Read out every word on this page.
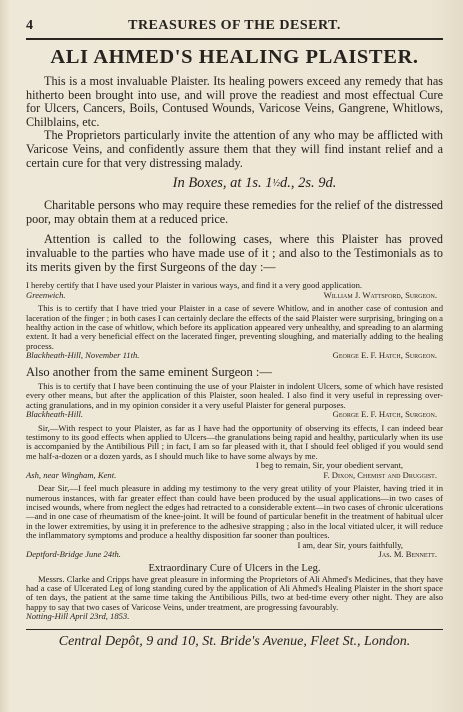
4	TREASURES OF THE DESERT.
ALI AHMED'S HEALING PLAISTER.

This is a most invaluable Plaister. Its healing powers exceed any remedy that has hitherto been brought into use, and will prove the readiest and most effectual Cure for Ulcers, Cancers, Boils, Contused Wounds, Varicose Veins, Gangrene, Whitlows, Chilblains, etc.

The Proprietors particularly invite the attention of any who may be afflicted with Varicose Veins, and confidently assure them that they will find instant relief and a certain cure for that very distressing malady.

In Boxes, at 1s. 1½d., 2s. 9d.

Charitable persons who may require these remedies for the relief of the distressed poor, may obtain them at a reduced price.

Attention is called to the following cases, where this Plaister has proved invaluable to the parties who have made use of it ; and also to the Testimonials as to its merits given by the first Surgeons of the day :—

I hereby certify that I have used your Plaister in various ways, and find it a very good application.

Greenwich.	William J. Wattsford, Surgeon.

This is to certify that I have tried your Plaister in a case of severe Whitlow, and in another case of contusion and laceration of the finger ; in both cases I can certainly declare the effects of the said Plaister were surprising, bringing on a healthy action in the case of whitlow, which before its application appeared very unhealthy, and spreading to an alarming extent. It had a very beneficial effect on the lacerated finger, preventing sloughing, and materially adding to the healing process.

Blackheath-Hill, November 11th.	George E. F. Hatch, Surgeon.
Also another from the same eminent Surgeon :—

This is to certify that I have been continuing the use of your Plaister in indolent Ulcers, some of which have resisted every other means, but after the application of this Plaister, soon healed. I also find it very useful in repressing over-acting granulations, and in my opinion consider it a very useful Plaister for general purposes.

Blackheath-Hill.	George E. F. Hatch, Surgeon.

Sir,—With respect to your Plaister, as far as I have had the opportunity of observing its effects, I can indeed bear testimony to its good effects when applied to Ulcers—the granulations being rapid and healthy, particularly when its use is accompanied by the Antibilious Pill ; in fact, I am so far pleased with it, that I should feel obliged if you would send me half-a-dozen or a dozen yards, as I should much like to have some always by me.

I beg to remain, Sir, your obedient servant,
Ash, near Wingham, Kent.	F. Dixon, Chemist and Druggist.

Dear Sir,—I feel much pleasure in adding my testimony to the very great utility of your Plaister, having tried it in numerous instances, with far greater effect than could have been produced by the usual applications—in two cases of incised wounds, where from neglect the edges had retracted to a considerable extent—in two cases of chronic ulcerations—and in one case of rheumatism of the knee-joint. It will be found of particular benefit in the treatment of habitual ulcer in the lower extremities, by using it in preference to the adhesive strapping ; also in the local vitiated ulcer, it will reduce the inflammatory symptoms and produce a healthy disposition far sooner than poultices.

I am, dear Sir, yours faithfully,
Deptford-Bridge June 24th.	Jas. M. Bennett.
Extraordinary Cure of Ulcers in the Leg.

Messrs. Clarke and Cripps have great pleasure in informing the Proprietors of Ali Ahmed's Medicines, that they have had a case of Ulcerated Leg of long standing cured by the application of Ali Ahmed's Healing Plaister in the short space of ten days, the patient at the same time taking the Antibilious Pills, two at bed-time every other night. They are also happy to say that two cases of Varicose Veins, under treatment, are progressing favourably.

Notting-Hill April 23rd, 1853.
Central Depôt, 9 and 10, St. Bride's Avenue, Fleet St., London.
